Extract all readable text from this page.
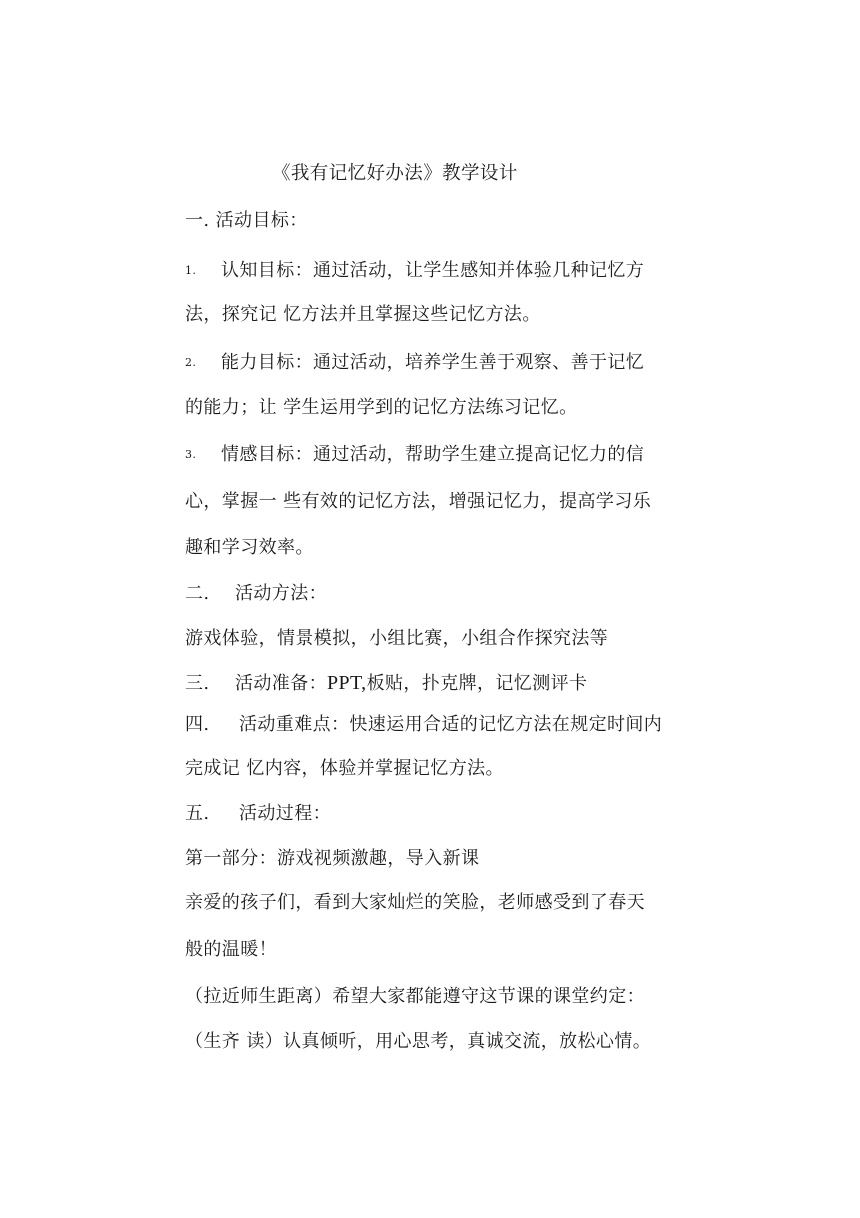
《我有记忆好办法》教学设计
一. 活动目标：
1. 认知目标：通过活动，让学生感知并体验几种记忆方
法，探究记 忆方法并且掌握这些记忆方法。
2. 能力目标：通过活动，培养学生善于观察、善于记忆
的能力；让 学生运用学到的记忆方法练习记忆。
3. 情感目标：通过活动，帮助学生建立提高记忆力的信
心，掌握一 些有效的记忆方法，增强记忆力，提高学习乐
趣和学习效率。
二. 活动方法：
游戏体验，情景模拟，小组比赛，小组合作探究法等
三. 活动准备：PPT,板贴，扑克牌，记忆测评卡
四. 活动重难点：快速运用合适的记忆方法在规定时间内
完成记 忆内容，体验并掌握记忆方法。
五. 活动过程：
第一部分：游戏视频激趣，导入新课
亲爱的孩子们，看到大家灿烂的笑脸，老师感受到了春天
般的温暖！
（拉近师生距离）希望大家都能遵守这节课的课堂约定：
（生齐 读）认真倾听，用心思考，真诚交流，放松心情。
